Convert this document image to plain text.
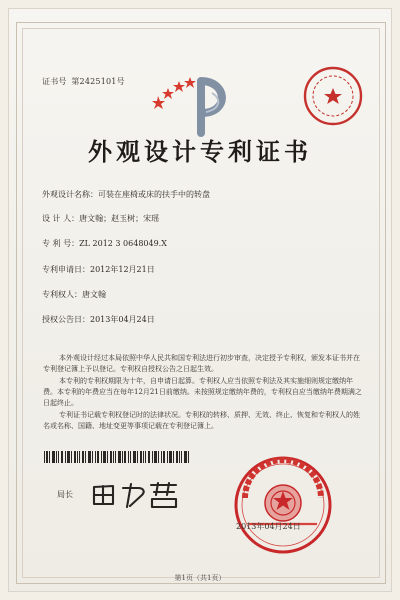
证书号 第2425101号
外观设计专利证书
外观设计名称：可装在座椅或床的扶手中的转盘
设 计 人：唐文翰；赵玉树；宋瑶
专 利 号：ZL 2012 3 0648049.X
专利申请日：2012年12月21日
专利权人：唐文翰
授权公告日：2013年04月24日

本外观设计经过本局依照中华人民共和国专利法进行初步审查，决定授予专利权，颁发本证书并在专利登记簿上予以登记。专利权自授权公告之日起生效。

本专利的专利权期限为十年，自申请日起算。专利权人应当依照专利法及其实施细则规定缴纳年费。本专利的年费应当在每年12月21日前缴纳。未按照规定缴纳年费的，专利权自应当缴纳年费期满之日起终止。

专利证书记载专利权登记时的法律状况。专利权的转移、质押、无效、终止、恢复和专利权人的姓名或名称、国籍、地址变更等事项记载在专利登记簿上。

局长
2013年04月24日
第1页（共1页）
